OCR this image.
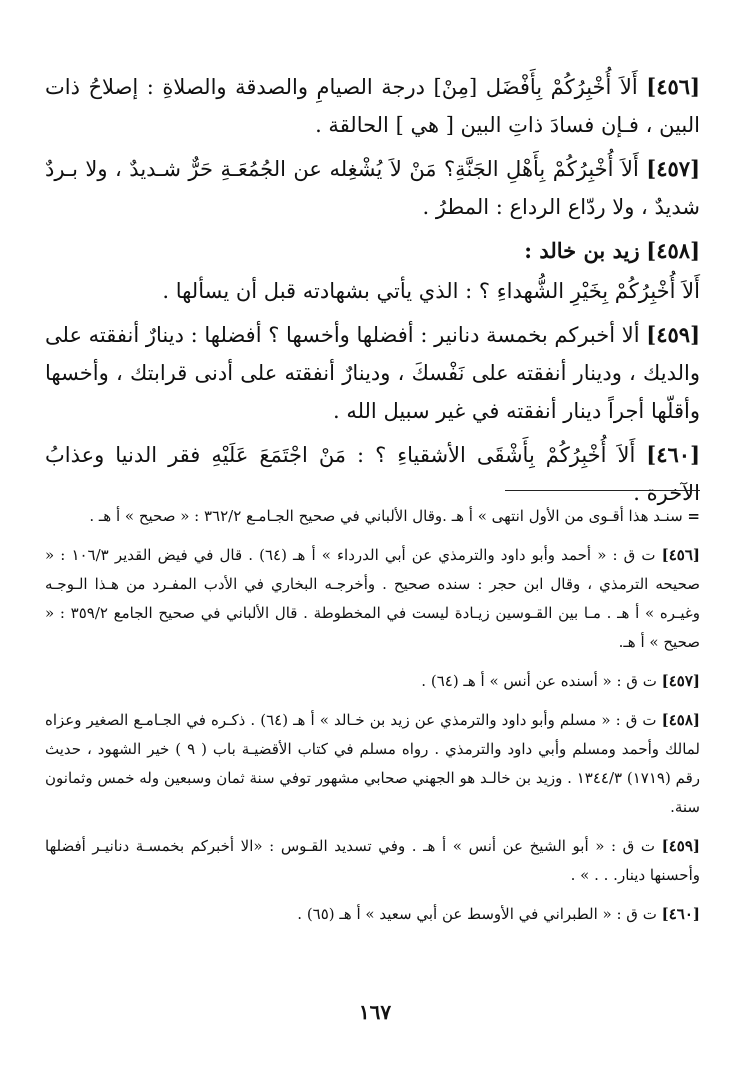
[٤٥٦] أَلاَ أُخْبِرُكُمْ بِأَفْضَل [مِنْ] درجة الصيامِ والصدقة والصلاةِ : إصلاحُ ذات البين ، فـإن فسادَ ذاتِ البين [ هي ] الحالقة .

[٤٥٧] أَلاَ أُخْبِرُكُمْ بِأَهْلِ الجَنَّةِ؟ مَنْ لاَ يُشْغِله عن الجُمُعَـةِ حَرٌّ شـديدٌ ، ولا بـردٌ شديدٌ ، ولا ردّاع الرداع : المطرُ .

[٤٥٨] زيد بن خالد :

أَلاَ أُخْبِرُكُمْ بِخَيْرِ الشُّهداءِ ؟ : الذي يأتي بشهادته قبل أن يسألها .

[٤٥٩] ألا أخبركم بخمسة دنانير : أفضلها وأخسها ؟ أفضلها : دينارٌ أنفقته على والديك ، ودينار أنفقته على نَفْسكَ ، ودينارٌ أنفقته على أدنى قرابتك ، وأخسها وأقلّها أجراً دينار أنفقته في غير سبيل الله .

[٤٦٠] أَلاَ أُخْبِرُكُمْ بِأَشْقَى الأشقياءِ ؟ : مَنْ اجْتَمَعَ عَلَيْهِ فقر الدنيا وعذابُ الآخرة .

= سنـد هذا أقـوى من الأول انتهى » أ هـ .وقال الألباني في صحيح الجـامـع ٣٦٢/٢ : « صحيح » أ هـ .

[٤٥٦] ت ق : « أحمد وأبو داود والترمذي عن أبي الدرداء » أ هـ (٦٤) . قال في فيض القدير ١٠٦/٣ : « صحيحه الترمذي ، وقال ابن حجر : سنده صحيح . وأخرجـه البخاري في الأدب المفـرد من هـذا الـوجـه وغيـره » أ هـ . مـا بين القـوسين زيـادة ليست في المخطوطة . قال الألباني في صحيح الجامع ٣٥٩/٢ : « صحيح » أ هـ.

[٤٥٧] ت ق : « أسنده عن أنس » أ هـ (٦٤) .

[٤٥٨] ت ق : « مسلم وأبو داود والترمذي عن زيد بن خـالد » أ هـ (٦٤) . ذكـره في الجـامـع الصغير وعزاه لمالك وأحمد ومسلم وأبي داود والترمذي . رواه مسلم في كتاب الأقضيـة باب ( ٩ ) خير الشهود ، حديث رقم (١٧١٩) ١٣٤٤/٣ . وزيد بن خالـد هو الجهني صحابي مشهور توفي سنة ثمان وسبعين وله خمس وثمانون سنة.

[٤٥٩] ت ق : « أبو الشيخ عن أنس » أ هـ . وفي تسديد القـوس : «الا أخبركم بخمسـة دنانيـر أفضلها وأحسنها دينار. . . » .

[٤٦٠] ت ق : « الطبراني في الأوسط عن أبي سعيد » أ هـ (٦٥) .

١٦٧
